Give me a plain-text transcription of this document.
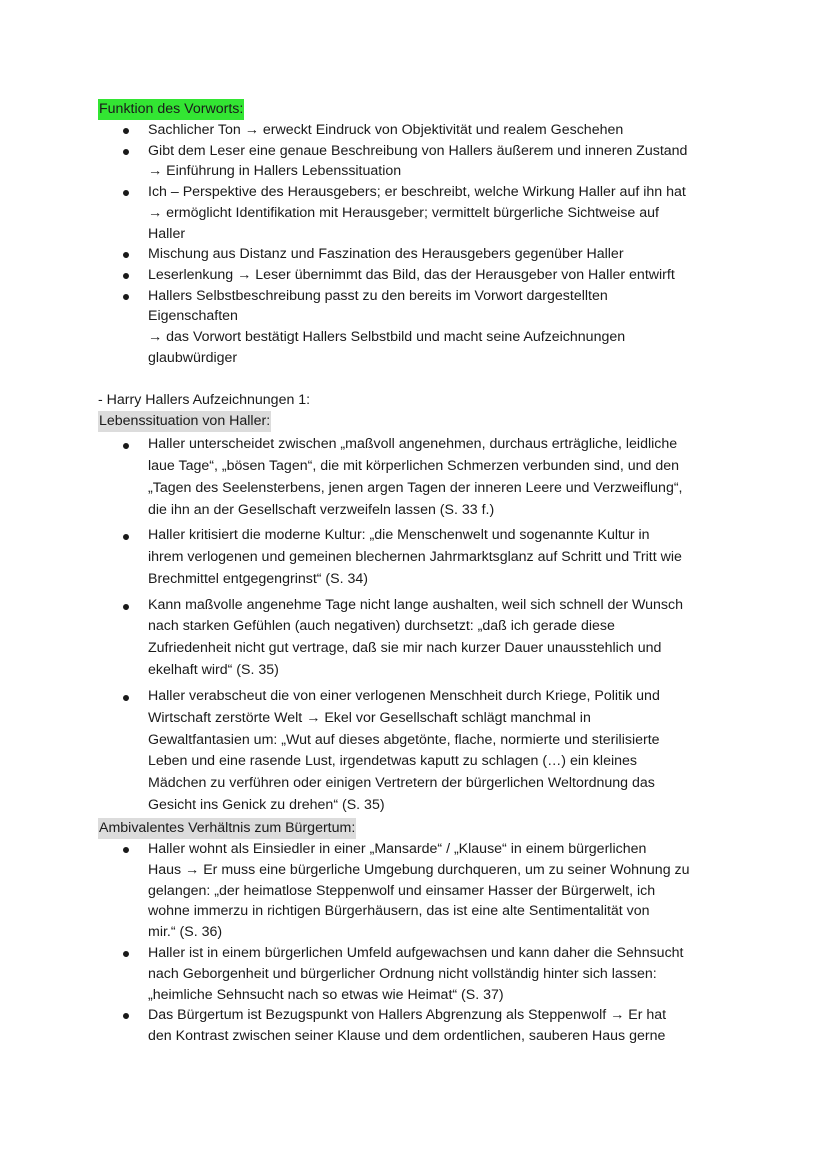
Funktion des Vorworts:
Sachlicher Ton → erweckt Eindruck von Objektivität und realem Geschehen
Gibt dem Leser eine genaue Beschreibung von Hallers äußerem und inneren Zustand
→ Einführung in Hallers Lebenssituation
Ich – Perspektive des Herausgebers; er beschreibt, welche Wirkung Haller auf ihn hat
→ ermöglicht Identifikation mit Herausgeber; vermittelt bürgerliche Sichtweise auf
Haller
Mischung aus Distanz und Faszination des Herausgebers gegenüber Haller
Leserlenkung → Leser übernimmt das Bild, das der Herausgeber von Haller entwirft
Hallers Selbstbeschreibung passt zu den bereits im Vorwort dargestellten
Eigenschaften
→ das Vorwort bestätigt Hallers Selbstbild und macht seine Aufzeichnungen
glaubwürdiger
- Harry Hallers Aufzeichnungen 1:
Lebenssituation von Haller:
Haller unterscheidet zwischen „maßvoll angenehmen, durchaus erträgliche, leidliche
laue Tage“, „bösen Tagen“, die mit körperlichen Schmerzen verbunden sind, und den
„Tagen des Seelensterbens, jenen argen Tagen der inneren Leere und Verzweiflung“,
die ihn an der Gesellschaft verzweifeln lassen (S. 33 f.)
Haller kritisiert die moderne Kultur: „die Menschenwelt und sogenannte Kultur in
ihrem verlogenen und gemeinen blechernen Jahrmarktsglanz auf Schritt und Tritt wie
Brechmittel entgegengrinst“ (S. 34)
Kann maßvolle angenehme Tage nicht lange aushalten, weil sich schnell der Wunsch
nach starken Gefühlen (auch negativen) durchsetzt: „daß ich gerade diese
Zufriedenheit nicht gut vertrage, daß sie mir nach kurzer Dauer unausstehlich und
ekelhaft wird“ (S. 35)
Haller verabscheut die von einer verlogenen Menschheit durch Kriege, Politik und
Wirtschaft zerstörte Welt → Ekel vor Gesellschaft schlägt manchmal in
Gewaltfantasien um: „Wut auf dieses abgetönte, flache, normierte und sterilisierte
Leben und eine rasende Lust, irgendetwas kaputt zu schlagen (…) ein kleines
Mädchen zu verführen oder einigen Vertretern der bürgerlichen Weltordnung das
Gesicht ins Genick zu drehen“ (S. 35)
Ambivalentes Verhältnis zum Bürgertum:
Haller wohnt als Einsiedler in einer „Mansarde“ / „Klause“ in einem bürgerlichen
Haus → Er muss eine bürgerliche Umgebung durchqueren, um zu seiner Wohnung zu
gelangen: „der heimatlose Steppenwolf und einsamer Hasser der Bürgerwelt, ich
wohne immerzu in richtigen Bürgerhäusern, das ist eine alte Sentimentalität von
mir.“ (S. 36)
Haller ist in einem bürgerlichen Umfeld aufgewachsen und kann daher die Sehnsucht
nach Geborgenheit und bürgerlicher Ordnung nicht vollständig hinter sich lassen:
„heimliche Sehnsucht nach so etwas wie Heimat“ (S. 37)
Das Bürgertum ist Bezugspunkt von Hallers Abgrenzung als Steppenwolf → Er hat
den Kontrast zwischen seiner Klause und dem ordentlichen, sauberen Haus gerne
